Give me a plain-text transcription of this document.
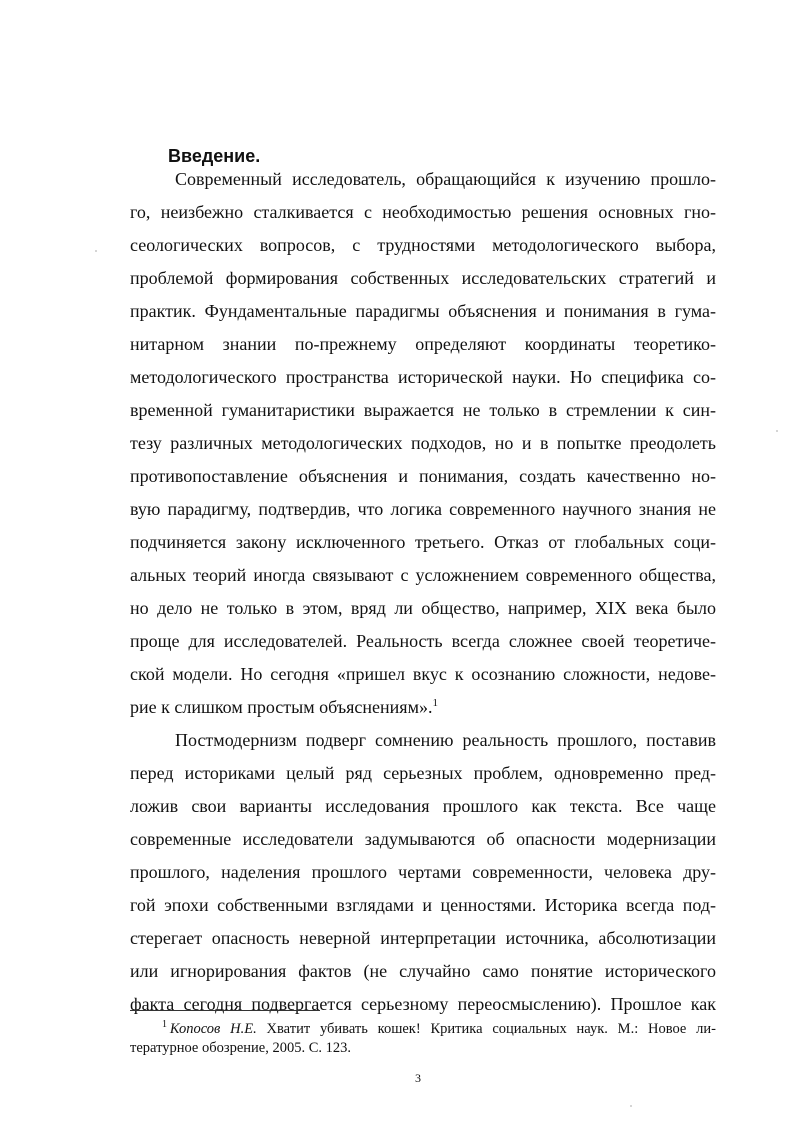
Введение.

Современный исследователь, обращающийся к изучению прошло-

го, неизбежно сталкивается с необходимостью решения основных гно-

сеологических вопросов, с трудностями методологического выбора,

проблемой формирования собственных исследовательских стратегий и

практик. Фундаментальные парадигмы объяснения и понимания в гума-

нитарном знании по-прежнему определяют координаты теоретико-

методологического пространства исторической науки. Но специфика со-

временной гуманитаристики выражается не только в стремлении к син-

тезу различных методологических подходов, но и в попытке преодолеть

противопоставление объяснения и понимания, создать качественно но-

вую парадигму, подтвердив, что логика современного научного знания не

подчиняется закону исключенного третьего. Отказ от глобальных соци-

альных теорий иногда связывают с усложнением современного общества,

но дело не только в этом, вряд ли общество, например, XIX века было

проще для исследователей. Реальность всегда сложнее своей теоретиче-

ской модели. Но сегодня «пришел вкус к осознанию сложности, недове-

рие к слишком простым объяснениям».$^1$

Постмодернизм подверг сомнению реальность прошлого, поставив

перед историками целый ряд серьезных проблем, одновременно пред-

ложив свои варианты исследования прошлого как текста. Все чаще

современные исследователи задумываются об опасности модернизации

прошлого, наделения прошлого чертами современности, человека дру-

гой эпохи собственными взглядами и ценностями. Историка всегда под-

стерегает опасность неверной интерпретации источника, абсолютизации

или игнорирования фактов (не случайно само понятие исторического

факта сегодня подвергается серьезному переосмыслению). Прошлое как

$^1$  Копосов Н.Е. Хватит убивать кошек! Критика социальных наук. М.: Новое ли-

тературное обозрение, 2005. С. 123.

3
